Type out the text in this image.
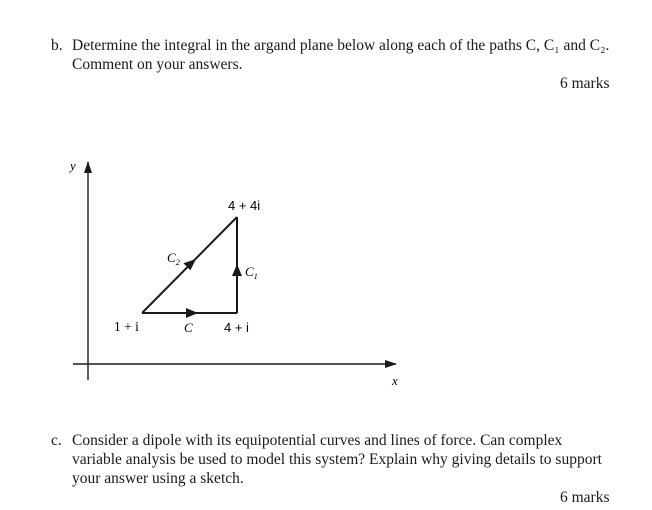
b. Determine the integral in the argand plane below along each of the paths C, C₁ and C₂.
Comment on your answers.
6 marks
y
x
1 + i	4 + i
4 + 4i
C
$C_1$
$C_2$
c. Consider a dipole with its equipotential curves and lines of force. Can complex
variable analysis be used to model this system? Explain why giving details to support
your answer using a sketch.
6 marks
